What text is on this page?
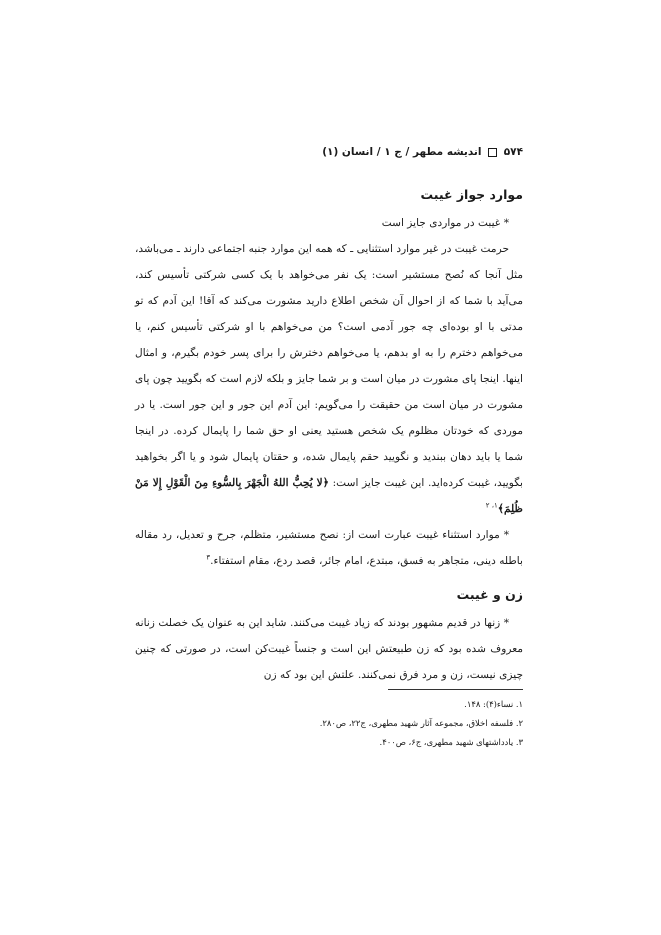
۵۷۴  اندیشه مطهر / ج ۱ / انسان (۱)
موارد جواز غیبت

* غیبت در مواردی جایز است

حرمت غیبت در غیر موارد استثنایی ـ که همه این موارد جنبه اجتماعی دارند ـ می‌باشد، مثل آنجا که نُصح مستشیر است: یک نفر می‌خواهد با یک کسی شرکتی تأسیس کند، می‌آید با شما که از احوال آن شخص اطلاع دارید مشورت می‌کند که آقا! این آدم که تو مدتی با او بوده‌ای چه جور آدمی است؟ من می‌خواهم با او شرکتی تأسیس کنم، یا می‌خواهم دخترم را به او بدهم، یا می‌خواهم دخترش را برای پسر خودم بگیرم، و امثال اینها. اینجا پای مشورت در میان است و بر شما جایز و بلکه لازم است که بگویید چون پای مشورت در میان است من حقیقت را می‌گویم: این آدم این جور و این جور است. یا در موردی که خودتان مظلوم یک شخص هستید یعنی او حق شما را پایمال کرده. در اینجا شما یا باید دهان ببندید و نگویید حقم پایمال شده، و حقتان پایمال شود و یا اگر بخواهید بگویید، غیبت کرده‌اید. این غیبت جایز است: ﴿لا يُحِبُّ اللهُ الْجَهْرَ بِالسُّوءِ مِنَ الْقَوْلِ إِلا مَنْ ظُلِمَ﴾$^{۱، ۲}$

* موارد استثناء غیبت عبارت است از: نصح مستشیر، متظلم، جرح و تعدیل، رد مقاله باطله دینی، متجاهر به فسق، مبتدع، امام جائر، قصد ردع، مقام استفتاء.$^۳$

زن و غیبت

* زنها در قدیم مشهور بودند که زیاد غیبت می‌کنند. شاید این به عنوان یک خصلت زنانه معروف شده بود که زن طبیعتش این است و جنساً غیبت‌کن است، در صورتی که چنین چیزی نیست، زن و مرد فرق نمی‌کنند. علتش این بود که زن

۱. نساء(۴): ۱۴۸.
۲. فلسفه اخلاق، مجموعه آثار شهید مطهری، ج۲۲، ص۲۸۰.
۳. یادداشتهای شهید مطهری، ج۶، ص۴۰۰.
